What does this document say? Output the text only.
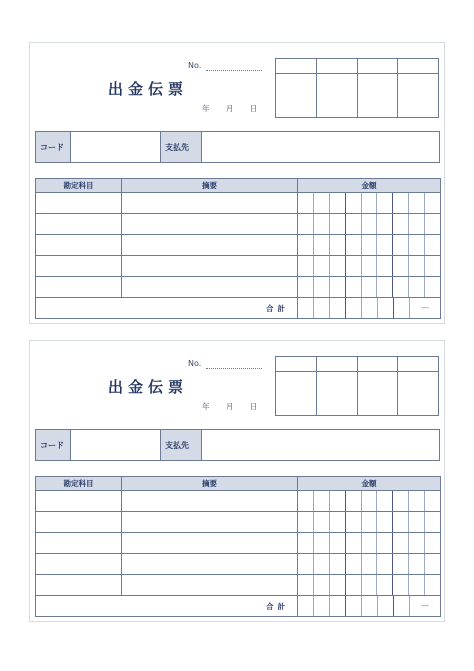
No.
出金伝票
年 月 日
コード	支払先
勘定科目	摘要	金額

合計		—
No.
出金伝票
年 月 日
コード	支払先
勘定科目	摘要	金額

合計		—
